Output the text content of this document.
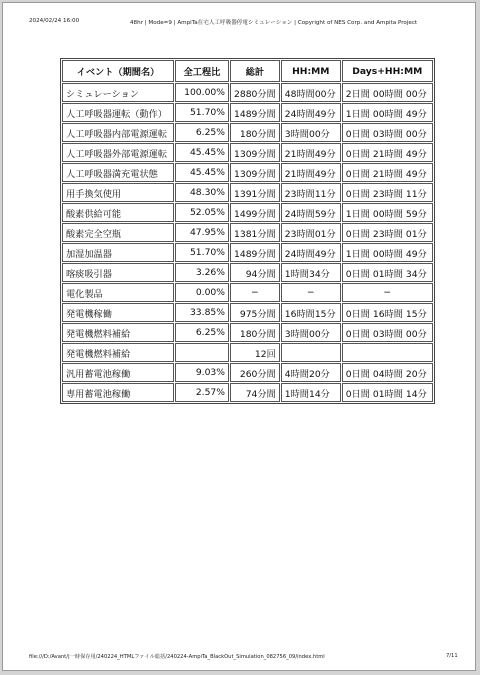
2024/02/24 16:00	48hr | Mode=9 | AmpiTa在宅人工呼吸器停電シミュレーション | Copyright of NES Corp. and Ampita Project
イベント（期間名）	全工程比	総計	HH:MM	Days+HH:MM
シミュレーション	100.00%	2880分間	48時間00分	2日間 00時間 00分
人工呼吸器運転（動作）	51.70%	1489分間	24時間49分	1日間 00時間 49分
人工呼吸器内部電源運転	6.25%	180分間	3時間00分	0日間 03時間 00分
人工呼吸器外部電源運転	45.45%	1309分間	21時間49分	0日間 21時間 49分
人工呼吸器満充電状態	45.45%	1309分間	21時間49分	0日間 21時間 49分
用手換気使用	48.30%	1391分間	23時間11分	0日間 23時間 11分
酸素供給可能	52.05%	1499分間	24時間59分	1日間 00時間 59分
酸素完全空瓶	47.95%	1381分間	23時間01分	0日間 23時間 01分
加湿加温器	51.70%	1489分間	24時間49分	1日間 00時間 49分
喀痰吸引器	3.26%	94分間	1時間34分	0日間 01時間 34分
電化製品	0.00%	−	−	−
発電機稼働	33.85%	975分間	16時間15分	0日間 16時間 15分
発電機燃料補給	6.25%	180分間	3時間00分	0日間 03時間 00分
発電機燃料補給		12回		
汎用蓄電池稼働	9.03%	260分間	4時間20分	0日間 04時間 20分
専用蓄電池稼働	2.57%	74分間	1時間14分	0日間 01時間 14分
file:///D:/Avant/|一時保存用/240224_HTMLファイル総括/240224-AmpiTa_BlackOut_Simulation_082756_09/index.html	7/11
